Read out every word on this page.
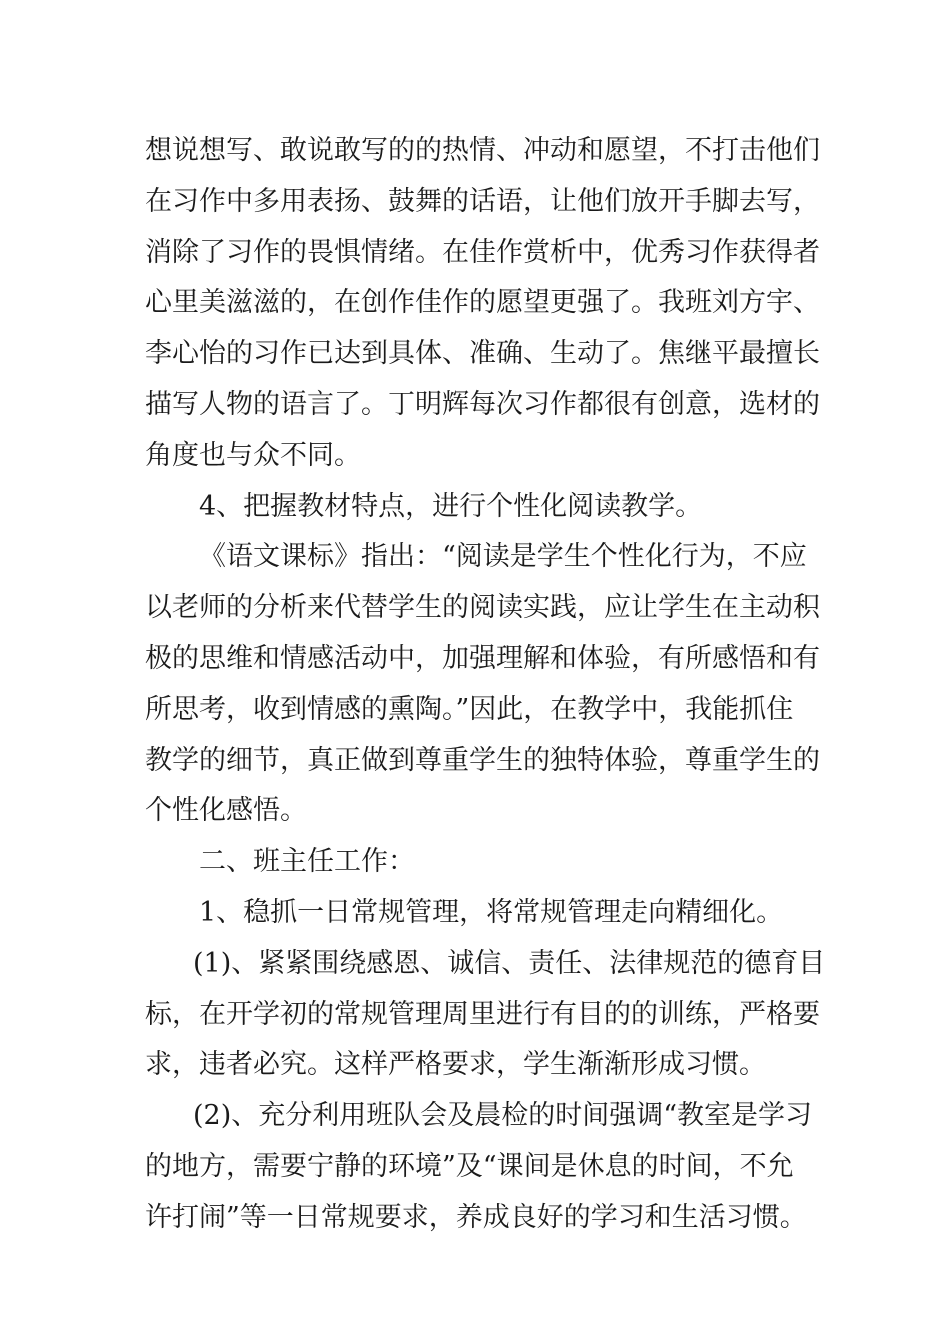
想说想写、敢说敢写的的热情、冲动和愿望，不打击他们
在习作中多用表扬、鼓舞的话语，让他们放开手脚去写，
消除了习作的畏惧情绪。在佳作赏析中，优秀习作获得者
心里美滋滋的，在创作佳作的愿望更强了。我班刘方宇、
李心怡的习作已达到具体、准确、生动了。焦继平最擅长
描写人物的语言了。丁明辉每次习作都很有创意，选材的
角度也与众不同。
4、把握教材特点，进行个性化阅读教学。
《语文课标》指出：“阅读是学生个性化行为，不应
以老师的分析来代替学生的阅读实践，应让学生在主动积
极的思维和情感活动中，加强理解和体验，有所感悟和有
所思考，收到情感的熏陶。”因此，在教学中，我能抓住
教学的细节，真正做到尊重学生的独特体验，尊重学生的
个性化感悟。
二、班主任工作：
1、稳抓一日常规管理，将常规管理走向精细化。
(1)、紧紧围绕感恩、诚信、责任、法律规范的德育目
标，在开学初的常规管理周里进行有目的的训练，严格要
求，违者必究。这样严格要求，学生渐渐形成习惯。
(2)、充分利用班队会及晨检的时间强调“教室是学习
的地方，需要宁静的环境”及“课间是休息的时间，不允
许打闹”等一日常规要求，养成良好的学习和生活习惯。
